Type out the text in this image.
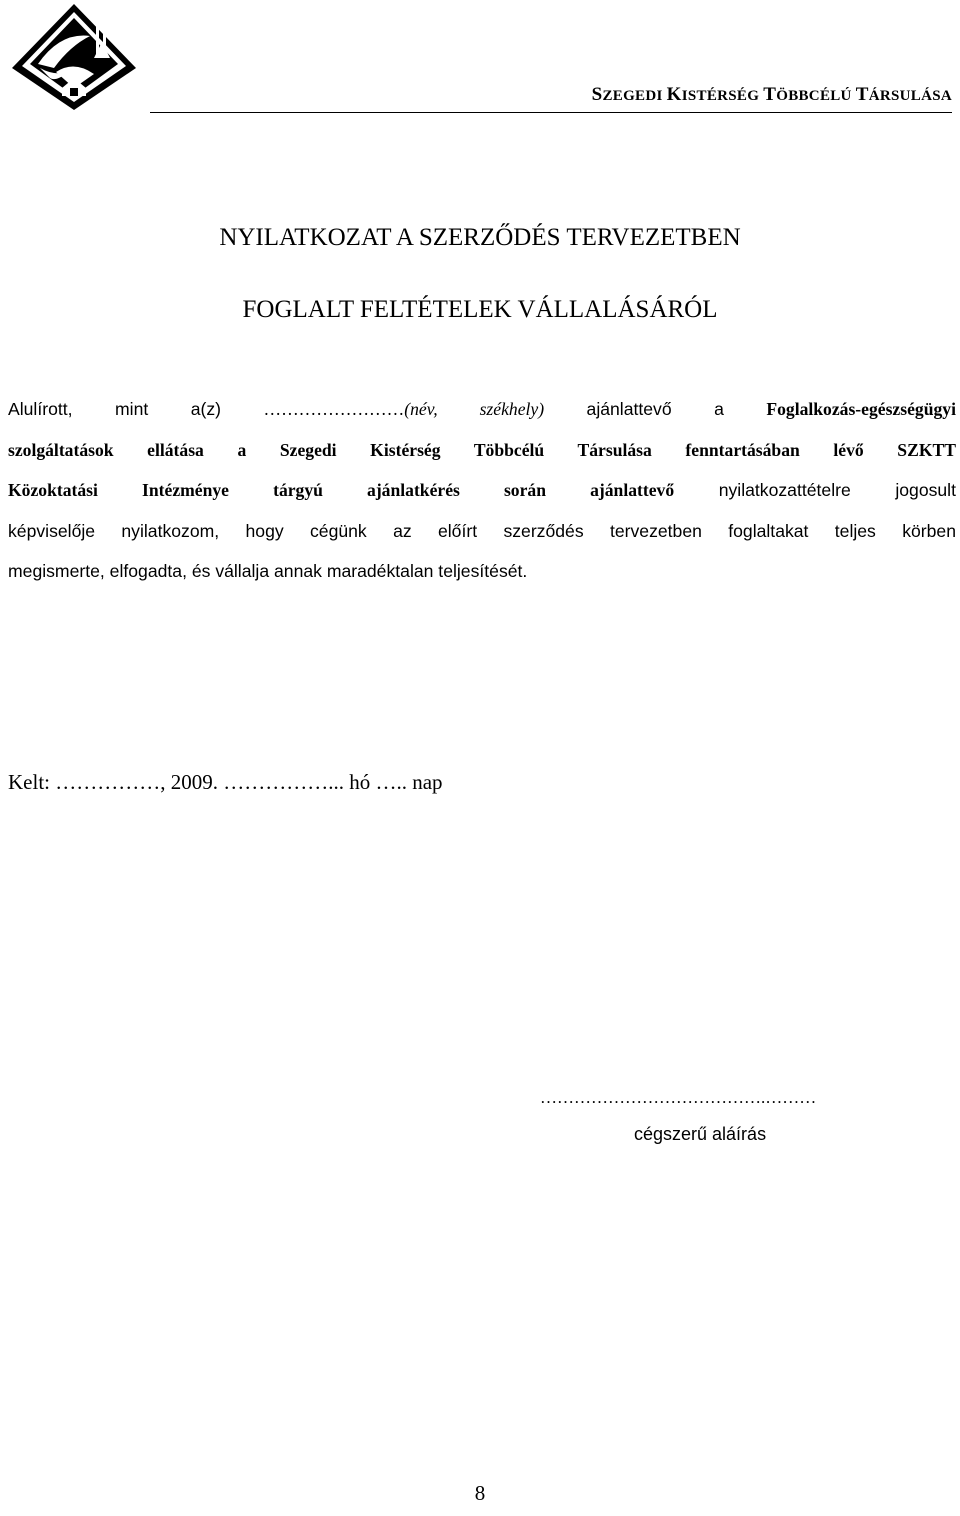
SZEGEDI KISTÉRSÉG TÖBBCÉLÚ TÁRSULÁSA
NYILATKOZAT A SZERZŐDÉS TERVEZETBEN
FOGLALT FELTÉTELEK VÁLLALÁSÁRÓL
Alulírott, mint a(z) ……………………(név, székhely) ajánlattevő a Foglalkozás-egészségügyi
szolgáltatások ellátása a Szegedi Kistérség Többcélú Társulása fenntartásában lévő SZKTT
Közoktatási Intézménye tárgyú ajánlatkérés során ajánlattevő nyilatkozattételre jogosult
képviselője nyilatkozom, hogy cégünk az előírt szerződés tervezetben foglaltakat teljes körben
megismerte, elfogadta, és vállalja annak maradéktalan teljesítését.
Kelt: ……………, 2009. ……………... hó ….. nap
………………………………….………
cégszerű aláírás
8
